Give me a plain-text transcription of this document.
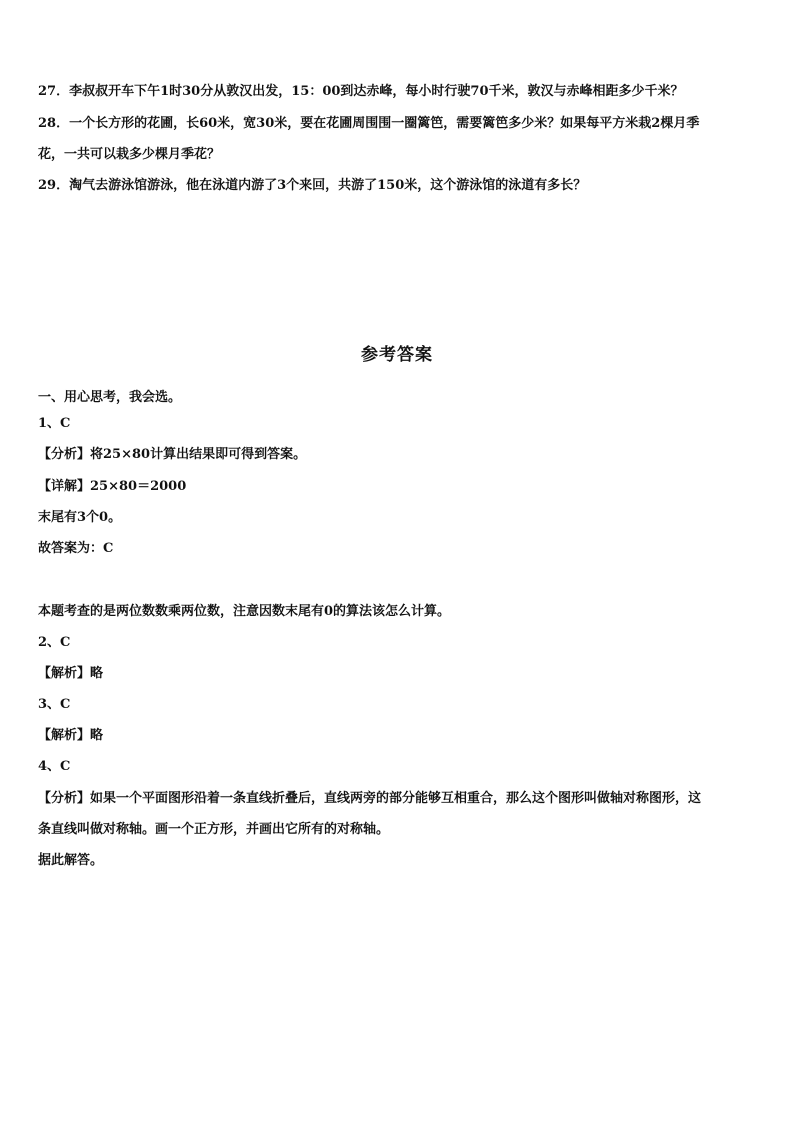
27．李叔叔开车下午1时30分从敦汉出发，15：00到达赤峰，每小时行驶70千米，敦汉与赤峰相距多少千米？
28．一个长方形的花圃，长60米，宽30米，要在花圃周围围一圈篱笆，需要篱笆多少米？如果每平方米栽2棵月季
花，一共可以栽多少棵月季花？
29．淘气去游泳馆游泳，他在泳道内游了3个来回，共游了150米，这个游泳馆的泳道有多长？
参考答案
一、用心思考，我会选。
1、C
【分析】将25×80计算出结果即可得到答案。
【详解】25×80＝2000
末尾有3个0。
故答案为：C
本题考查的是两位数数乘两位数，注意因数末尾有0的算法该怎么计算。
2、C
【解析】略
3、C
【解析】略
4、C
【分析】如果一个平面图形沿着一条直线折叠后，直线两旁的部分能够互相重合，那么这个图形叫做轴对称图形，这
条直线叫做对称轴。画一个正方形，并画出它所有的对称轴。
据此解答。
